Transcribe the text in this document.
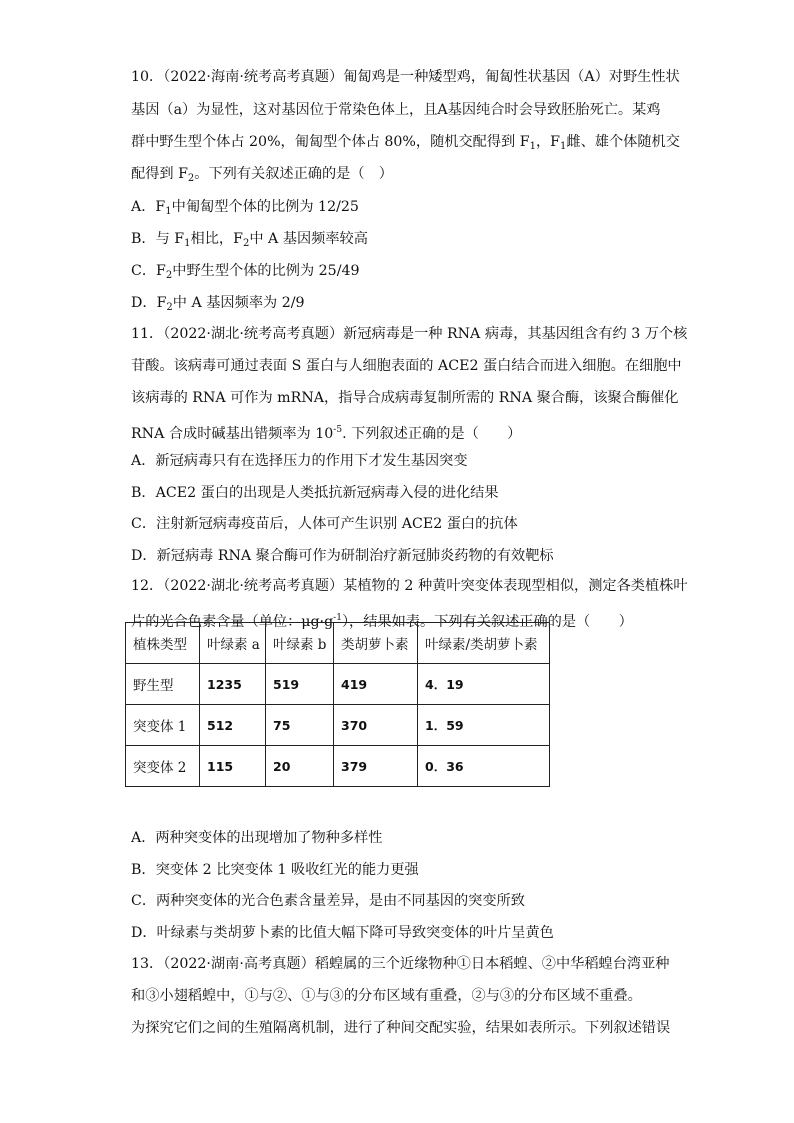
10．（2022·海南·统考高考真题）匍匐鸡是一种矮型鸡，匍匐性状基因（A）对野生性状
基因（a）为显性，这对基因位于常染色体上，且A基因纯合时会导致胚胎死亡。某鸡
群中野生型个体占 20%，匍匐型个体占 80%，随机交配得到 $F_1$，$F_1$雌、雄个体随机交
配得到 $F_2$。下列有关叙述正确的是（　）
A．$F_1$中匍匐型个体的比例为 12/25
B．与 $F_1$相比，$F_2$中 A 基因频率较高
C．$F_2$中野生型个体的比例为 25/49
D．$F_2$中 A 基因频率为 2/9
11．（2022·湖北·统考高考真题）新冠病毒是一种 RNA 病毒，其基因组含有约 3 万个核
苷酸。该病毒可通过表面 S 蛋白与人细胞表面的 ACE2 蛋白结合而进入细胞。在细胞中
该病毒的 RNA 可作为 mRNA，指导合成病毒复制所需的 RNA 聚合酶，该聚合酶催化
RNA 合成时碱基出错频率为 $10^{-5}$. 下列叙述正确的是（　　）
A．新冠病毒只有在选择压力的作用下才发生基因突变
B．ACE2 蛋白的出现是人类抵抗新冠病毒入侵的进化结果
C．注射新冠病毒疫苗后，人体可产生识别 ACE2 蛋白的抗体
D．新冠病毒 RNA 聚合酶可作为研制治疗新冠肺炎药物的有效靶标
12．（2022·湖北·统考高考真题）某植物的 2 种黄叶突变体表现型相似，测定各类植株叶
片的光合色素含量（单位：$\mu g\cdot g^{-1}$），结果如表。下列有关叙述正确的是（　　）
植株类型	叶绿素 a	叶绿素 b	类胡萝卜素	叶绿素/类胡萝卜素
野生型	1235	519	419	4．19
突变体 1	512	75	370	1．59
突变体 2	115	20	379	0．36
A．两种突变体的出现增加了物种多样性
B．突变体 2 比突变体 1 吸收红光的能力更强
C．两种突变体的光合色素含量差异，是由不同基因的突变所致
D．叶绿素与类胡萝卜素的比值大幅下降可导致突变体的叶片呈黄色
13．（2022·湖南·高考真题）稻蝗属的三个近缘物种①日本稻蝗、②中华稻蝗台湾亚种
和③小翅稻蝗中，①与②、①与③的分布区域有重叠，②与③的分布区域不重叠。
为探究它们之间的生殖隔离机制，进行了种间交配实验，结果如表所示。下列叙述错误
